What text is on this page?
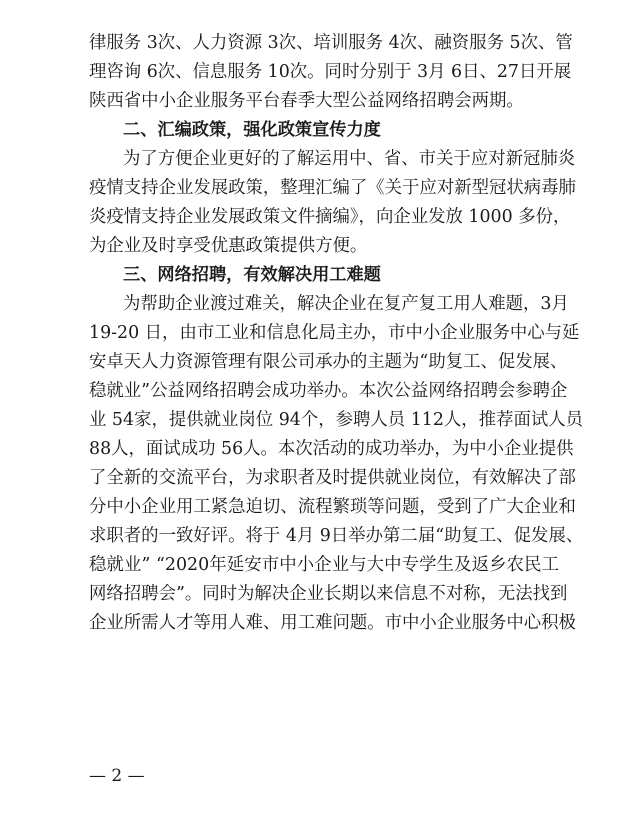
律服务 3次、人力资源 3次、培训服务 4次、融资服务 5次、管
理咨询 6次、信息服务 10次。同时分别于 3月 6日、27日开展
陕西省中小企业服务平台春季大型公益网络招聘会两期。
二、汇编政策，强化政策宣传力度
为了方便企业更好的了解运用中、省、市关于应对新冠肺炎
疫情支持企业发展政策，整理汇编了《关于应对新型冠状病毒肺
炎疫情支持企业发展政策文件摘编》，向企业发放 1000 多份，
为企业及时享受优惠政策提供方便。
三、网络招聘，有效解决用工难题
为帮助企业渡过难关，解决企业在复产复工用人难题，3月
19-20 日，由市工业和信息化局主办，市中小企业服务中心与延
安卓天人力资源管理有限公司承办的主题为“助复工、促发展、
稳就业”公益网络招聘会成功举办。本次公益网络招聘会参聘企
业 54家，提供就业岗位 94个，参聘人员 112人，推荐面试人员
88人，面试成功 56人。本次活动的成功举办，为中小企业提供
了全新的交流平台，为求职者及时提供就业岗位，有效解决了部
分中小企业用工紧急迫切、流程繁琐等问题，受到了广大企业和
求职者的一致好评。将于 4月 9日举办第二届“助复工、促发展、
稳就业” “2020年延安市中小企业与大中专学生及返乡农民工
网络招聘会”。同时为解决企业长期以来信息不对称，无法找到
企业所需人才等用人难、用工难问题。市中小企业服务中心积极
— 2 —
